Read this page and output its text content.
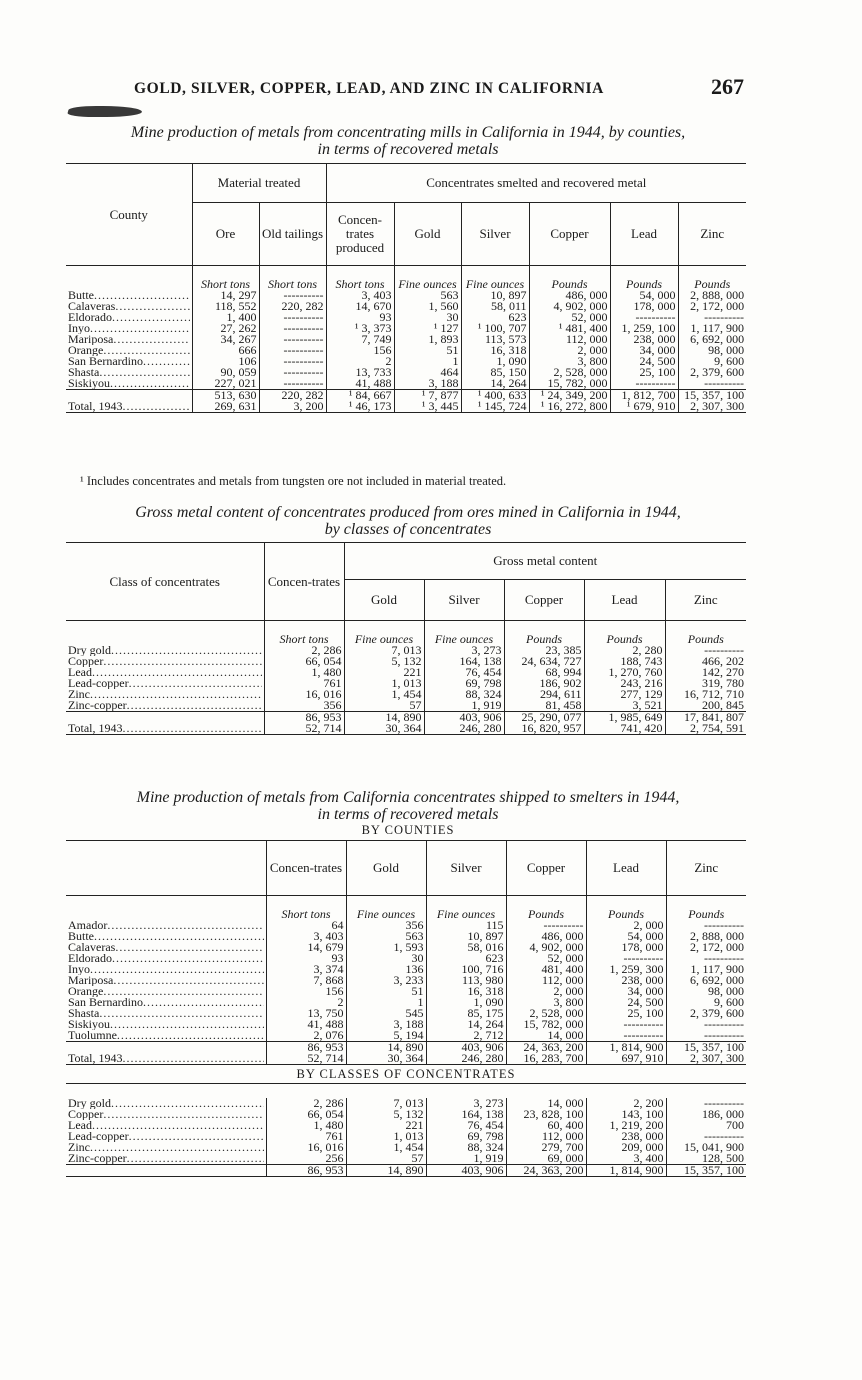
GOLD, SILVER, COPPER, LEAD, AND ZINC IN CALIFORNIA	267
Mine production of metals from concentrating mills in California in 1944, by counties,
in terms of recovered metals
County	Material treated		Concentrates smelted and recovered metal					
	Ore	Old tailings	Concen-trates produced	Gold	Silver	Copper	Lead	Zinc
	Short tons	Short tons	Short tons	Fine ounces	Fine ounces	Pounds	Pounds	Pounds

Butte .....	14, 297	----------	3, 403	563	10, 897	486, 000	54, 000	2, 888, 000

Calaveras .....	118, 552	220, 282	14, 670	1, 560	58, 011	4, 902, 000	178, 000	2, 172, 000

Eldorado .....	1, 400	----------	93	30	623	52, 000	----------	----------

Inyo .....	27, 262	----------	¹ 3, 373	¹ 127	¹ 100, 707	¹ 481, 400	1, 259, 100	1, 117, 900

Mariposa .....	34, 267	----------	7, 749	1, 893	113, 573	112, 000	238, 000	6, 692, 000

Orange .....	666	----------	156	51	16, 318	2, 000	34, 000	98, 000

San Bernardino .....	106	----------	2	1	1, 090	3, 800	24, 500	9, 600

Shasta .....	90, 059	----------	13, 733	464	85, 150	2, 528, 000	25, 100	2, 379, 600

Siskiyou .....	227, 021	----------	41, 488	3, 188	14, 264	15, 782, 000	----------	----------
	513, 630	220, 282	¹ 84, 667	¹ 7, 877	¹ 400, 633	¹ 24, 349, 200	1, 812, 700	15, 357, 100

Total, 1943 .....	269, 631	3, 200	¹ 46, 173	¹ 3, 445	¹ 145, 724	¹ 16, 272, 800	¹ 679, 910	2, 307, 300
¹ Includes concentrates and metals from tungsten ore not included in material treated.
Gross metal content of concentrates produced from ores mined in California in 1944,
by classes of concentrates
Class of concentrates	Concen-trates	Gross metal content				
		Gold	Silver	Copper	Lead	Zinc
	Short tons	Fine ounces	Fine ounces	Pounds	Pounds	Pounds

Dry gold .....	2, 286	7, 013	3, 273	23, 385	2, 280	----------

Copper .....	66, 054	5, 132	164, 138	24, 634, 727	188, 743	466, 202

Lead .....	1, 480	221	76, 454	68, 994	1, 270, 760	142, 270

Lead-copper .....	761	1, 013	69, 798	186, 902	243, 216	319, 780

Zinc .....	16, 016	1, 454	88, 324	294, 611	277, 129	16, 712, 710

Zinc-copper .....	356	57	1, 919	81, 458	3, 521	200, 845
	86, 953	14, 890	403, 906	25, 290, 077	1, 985, 649	17, 841, 807

Total, 1943 .....	52, 714	30, 364	246, 280	16, 820, 957	741, 420	2, 754, 591
Mine production of metals from California concentrates shipped to smelters in 1944,
in terms of recovered metals
BY COUNTIES
	Concen-trates	Gold	Silver	Copper	Lead	Zinc
	Short tons	Fine ounces	Fine ounces	Pounds	Pounds	Pounds

Amador .....	64	356	115	----------	2, 000	----------

Butte .....	3, 403	563	10, 897	486, 000	54, 000	2, 888, 000

Calaveras .....	14, 679	1, 593	58, 016	4, 902, 000	178, 000	2, 172, 000

Eldorado .....	93	30	623	52, 000	----------	----------

Inyo .....	3, 374	136	100, 716	481, 400	1, 259, 300	1, 117, 900

Mariposa .....	7, 868	3, 233	113, 980	112, 000	238, 000	6, 692, 000

Orange .....	156	51	16, 318	2, 000	34, 000	98, 000

San Bernardino .....	2	1	1, 090	3, 800	24, 500	9, 600

Shasta .....	13, 750	545	85, 175	2, 528, 000	25, 100	2, 379, 600

Siskiyou .....	41, 488	3, 188	14, 264	15, 782, 000	----------	----------

Tuolumne .....	2, 076	5, 194	2, 712	14, 000	----------	----------
	86, 953	14, 890	403, 906	24, 363, 200	1, 814, 900	15, 357, 100

Total, 1943 .....	52, 714	30, 364	246, 280	16, 283, 700	697, 910	2, 307, 300
BY CLASSES OF CONCENTRATES						

Dry gold .....	2, 286	7, 013	3, 273	14, 000	2, 200	----------

Copper .....	66, 054	5, 132	164, 138	23, 828, 100	143, 100	186, 000

Lead .....	1, 480	221	76, 454	60, 400	1, 219, 200	700

Lead-copper .....	761	1, 013	69, 798	112, 000	238, 000	----------

Zinc .....	16, 016	1, 454	88, 324	279, 700	209, 000	15, 041, 900

Zinc-copper .....	256	57	1, 919	69, 000	3, 400	128, 500
	86, 953	14, 890	403, 906	24, 363, 200	1, 814, 900	15, 357, 100
